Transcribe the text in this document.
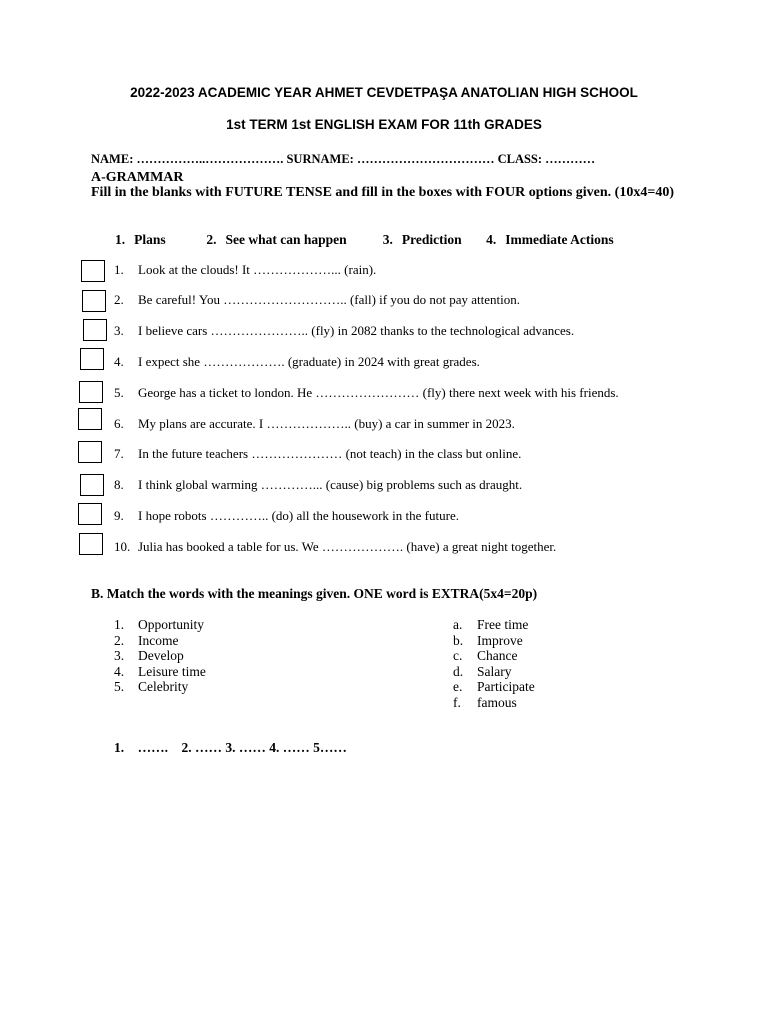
2022-2023 ACADEMIC YEAR AHMET CEVDETPAŞA ANATOLIAN HIGH SCHOOL
1st TERM 1st ENGLISH EXAM FOR 11th GRADES
NAME: ……………..………………. SURNAME: …………………………… CLASS: …………
A-GRAMMAR
Fill in the blanks with FUTURE TENSE and fill in the boxes with FOUR options given. (10x4=40)
1. Plans	2. See what can happen	3. Prediction 4. Immediate Actions
1. Look at the clouds! It ………………... (rain).
2. Be careful! You ……………………….. (fall) if you do not pay attention.
3. I believe cars ………………….. (fly) in 2082 thanks to the technological advances.
4. I expect she ………………. (graduate) in 2024 with great grades.
5. George has a ticket to london. He …………………… (fly) there next week with his friends.
6. My plans are accurate. I ……………….. (buy) a car in summer in 2023.
7. In the future teachers ………………… (not teach) in the class but online.
8. I think global warming …………... (cause) big problems such as draught.
9. I hope robots ………….. (do) all the housework in the future.
10. Julia has booked a table for us. We ………………. (have) a great night together.
B. Match the words with the meanings given. ONE word is EXTRA(5x4=20p)
1. Opportunity
2. Income
3. Develop
4. Leisure time
5. Celebrity
a. Free time
b. Improve
c. Chance
d. Salary
e. Participate
f. famous
1.    …….    2. …… 3. …… 4. …… 5……
